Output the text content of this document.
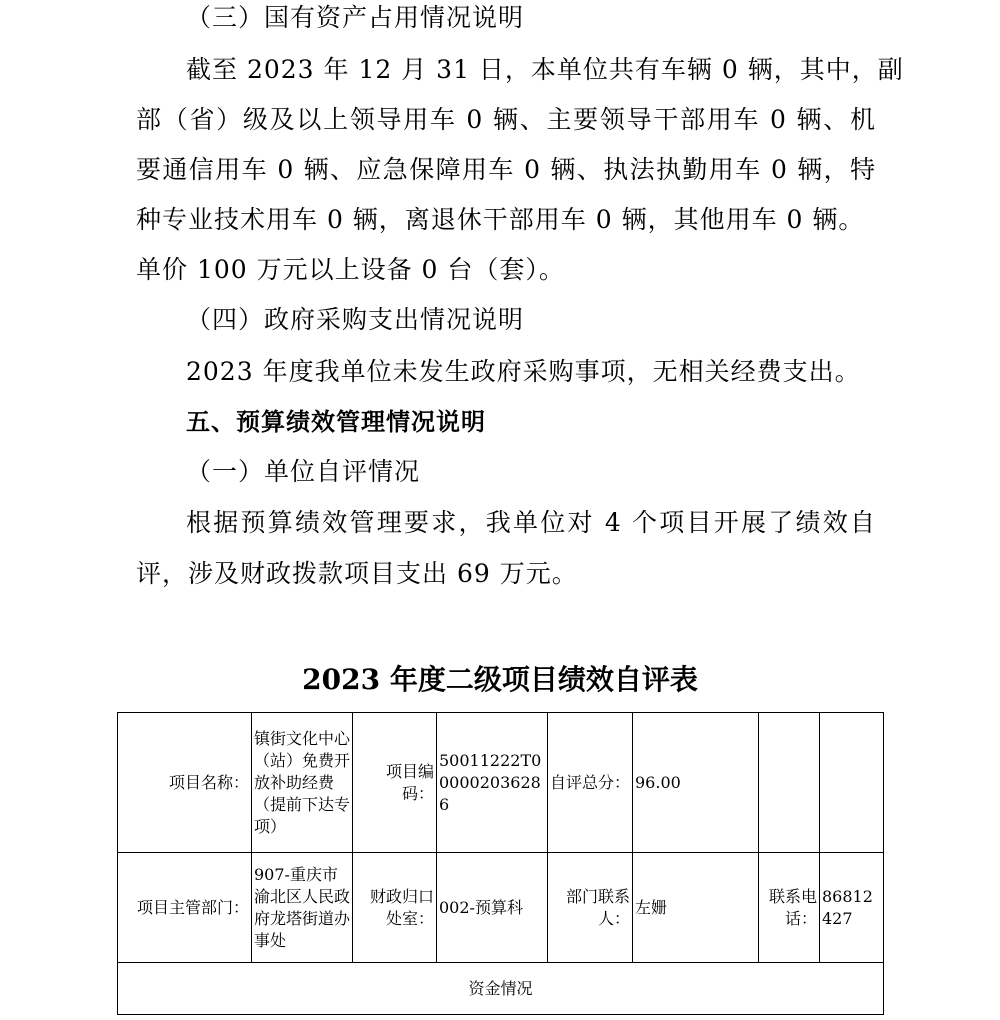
（三）国有资产占用情况说明
截至 2023 年 12 月 31 日，本单位共有车辆 0 辆，其中，副
部（省）级及以上领导用车 0 辆、主要领导干部用车 0 辆、机
要通信用车 0 辆、应急保障用车 0 辆、执法执勤用车 0 辆，特
种专业技术用车 0 辆，离退休干部用车 0 辆，其他用车 0 辆。
单价 100 万元以上设备 0 台（套）。
（四）政府采购支出情况说明
2023 年度我单位未发生政府采购事项，无相关经费支出。
五、预算绩效管理情况说明
（一）单位自评情况
根据预算绩效管理要求，我单位对 4 个项目开展了绩效自
评，涉及财政拨款项目支出 69 万元。
2023 年度二级项目绩效自评表
项目名称：	镇街文化中心（站）免费开放补助经费（提前下达专项）	项目编码：	50011222T000002036286	自评总分：	96.00		
项目主管部门：	907-重庆市渝北区人民政府龙塔街道办事处	财政归口处室：	002-预算科	部门联系人：	左姗	联系电话：	86812427
资金情况							
